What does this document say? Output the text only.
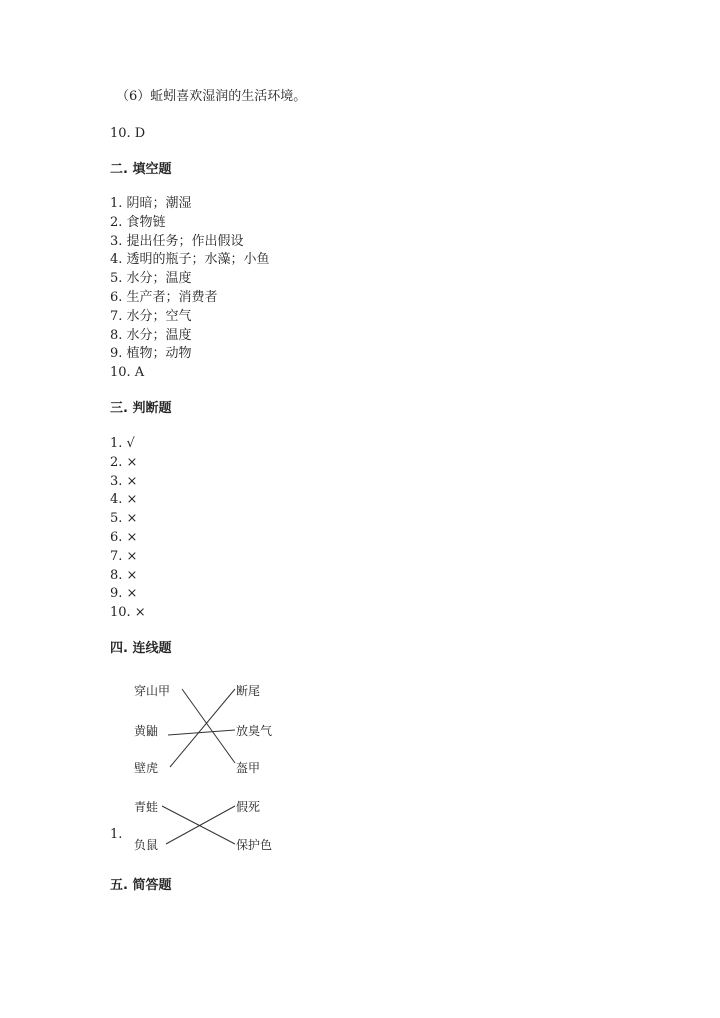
（6）蚯蚓喜欢湿润的生活环境。
10. D
二. 填空题
1. 阴暗；潮湿
2. 食物链
3. 提出任务；作出假设
4. 透明的瓶子；水藻；小鱼
5. 水分；温度
6. 生产者；消费者
7. 水分；空气
8. 水分；温度
9. 植物；动物
10. A
三. 判断题
1. √
2. ×
3. ×
4. ×
5. ×
6. ×
7. ×
8. ×
9. ×
10. ×
四. 连线题
穿山甲
黄鼬
壁虎
断尾
放臭气
盔甲
1.
青蛙
负鼠
假死
保护色
五. 简答题
